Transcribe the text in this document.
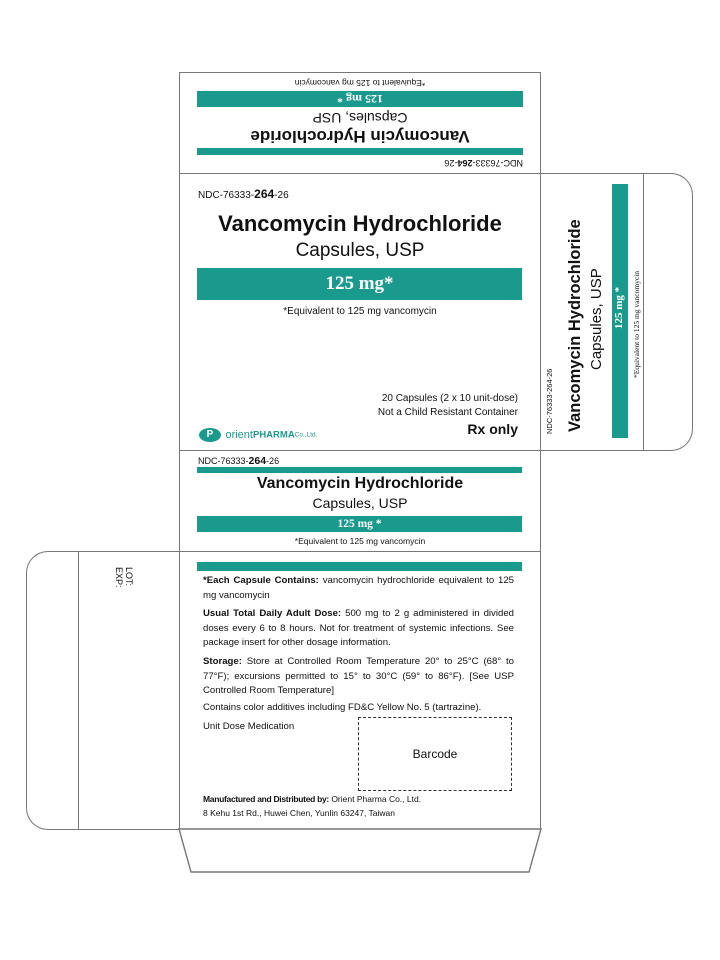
NDC-76333-264-26
Vancomycin Hydrochloride
Capsules, USP
125 mg *
*Equivalent to 125 mg vancomycin
NDC-76333-264-26
Vancomycin Hydrochloride
Capsules, USP
125 mg*
*Equivalent to 125 mg vancomycin
20 Capsules (2 x 10 unit-dose)
Not a Child Resistant Container
Rx only
P orientPHARMACo.,Ltd.
NDC-76333-264-26 Vancomycin Hydrochloride Capsules, USP 125 mg * *Equivalent to 125 mg vancomycin
NDC-76333-264-26
Vancomycin Hydrochloride
Capsules, USP
125 mg *
*Equivalent to 125 mg vancomycin
LOT:
EXP:	*Each Capsule Contains: vancomycin hydrochloride equivalent to 125 mg vancomycin
Usual Total Daily Adult Dose: 500 mg to 2 g administered in divided doses every 6 to 8 hours. Not for treatment of systemic infections. See package insert for other dosage information.
Storage: Store at Controlled Room Temperature 20° to 25°C (68° to 77°F); excursions permitted to 15° to 30°C (59° to 86°F). [See USP Controlled Room Temperature]
Contains color additives including FD&C Yellow No. 5 (tartrazine).
Unit Dose Medication
Barcode
Manufactured and Distributed by: Orient Pharma Co., Ltd.
8 Kehu 1st Rd., Huwei Chen, Yunlin 63247, Taiwan
